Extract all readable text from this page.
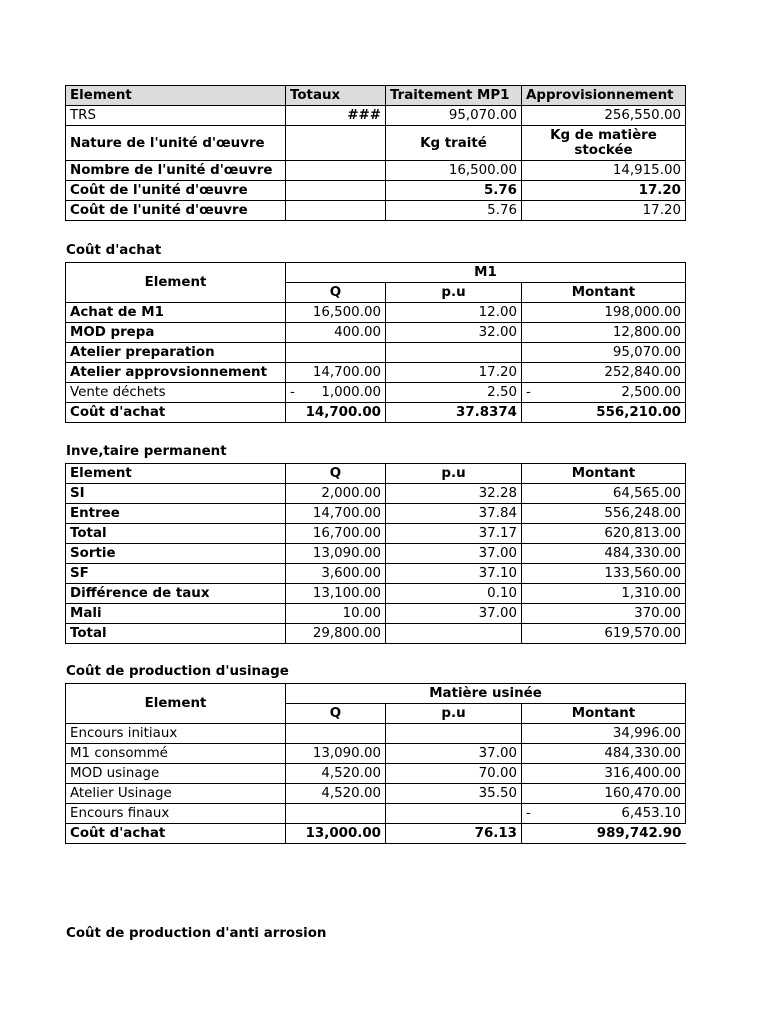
Element	Totaux	Traitement MP1	Approvisionnement
TRS	###	95,070.00	256,550.00
Nature de l'unité d'œuvre		Kg traité	Kg de matière stockée
Nombre de l'unité d'œuvre		16,500.00	14,915.00
Coût de l'unité d'œuvre		5.76	17.20
Coût de l'unité d'œuvre		5.76	17.20
Coût d'achat
Element	M1		
	Q	p.u	Montant
Achat de M1	16,500.00	12.00	198,000.00
MOD prepa	400.00	32.00	12,800.00
Atelier preparation			95,070.00
Atelier approvsionnement	14,700.00	17.20	252,840.00
Vente déchets	- 1,000.00	2.50	- 2,500.00

Coût d'achat	14,700.00	37.8374	556,210.00
Inve,taire permanent
Element	Q	p.u	Montant
SI	2,000.00	32.28	64,565.00
Entree	14,700.00	37.84	556,248.00
Total	16,700.00	37.17	620,813.00
Sortie	13,090.00	37.00	484,330.00
SF	3,600.00	37.10	133,560.00
Différence de taux	13,100.00	0.10	1,310.00
Mali	10.00	37.00	370.00
Total	29,800.00		619,570.00
Coût de production d'usinage
Element	Matière usinée		
	Q	p.u	Montant
Encours initiaux			34,996.00
M1 consommé	13,090.00	37.00	484,330.00
MOD usinage	4,520.00	70.00	316,400.00
Atelier Usinage	4,520.00	35.50	160,470.00
Encours finaux			- 6,453.10

Coût d'achat	13,000.00	76.13	989,742.90
Coût de production d'anti arrosion
